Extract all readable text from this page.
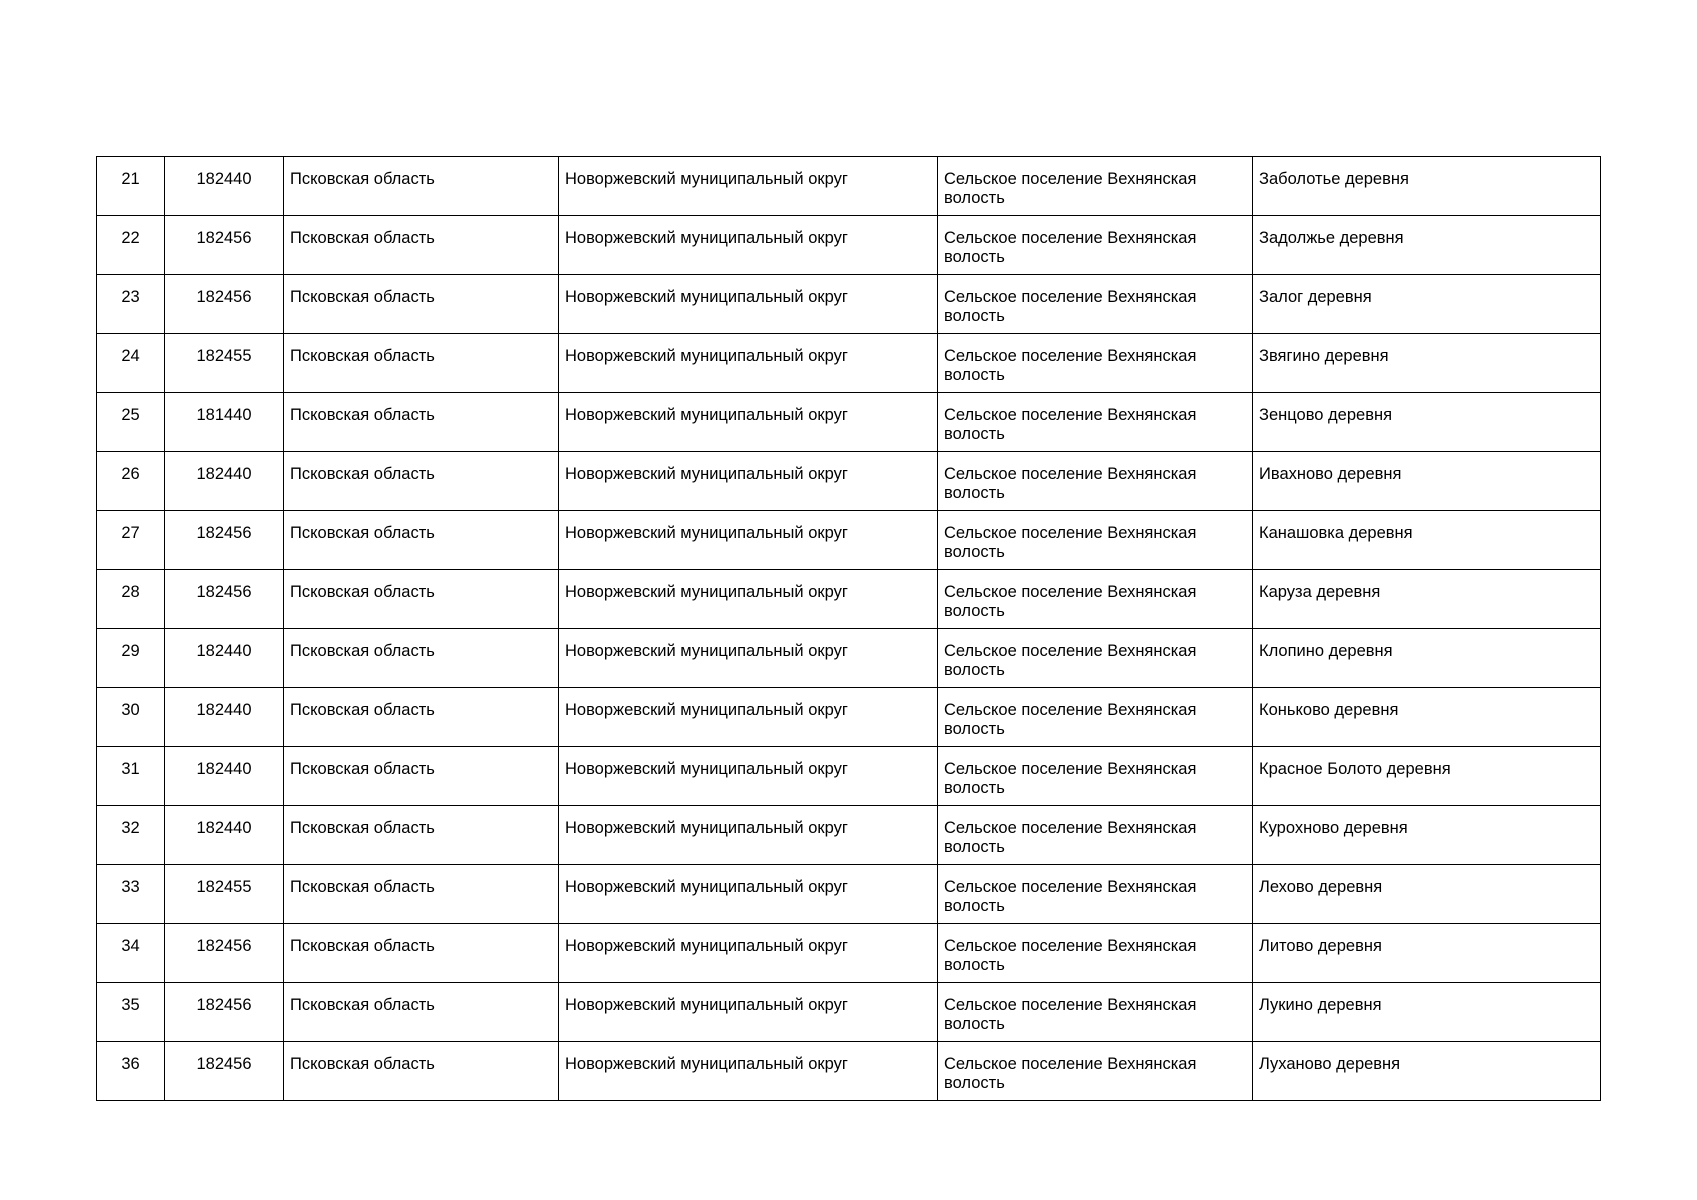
21	182440	Псковская область	Новоржевский муниципальный округ	Сельское поселение Вехнянская волость	Заболотье деревня
22	182456	Псковская область	Новоржевский муниципальный округ	Сельское поселение Вехнянская волость	Задолжье деревня
23	182456	Псковская область	Новоржевский муниципальный округ	Сельское поселение Вехнянская волость	Залог деревня
24	182455	Псковская область	Новоржевский муниципальный округ	Сельское поселение Вехнянская волость	Звягино деревня
25	181440	Псковская область	Новоржевский муниципальный округ	Сельское поселение Вехнянская волость	Зенцово деревня
26	182440	Псковская область	Новоржевский муниципальный округ	Сельское поселение Вехнянская волость	Ивахново деревня
27	182456	Псковская область	Новоржевский муниципальный округ	Сельское поселение Вехнянская волость	Канашовка деревня
28	182456	Псковская область	Новоржевский муниципальный округ	Сельское поселение Вехнянская волость	Каруза деревня
29	182440	Псковская область	Новоржевский муниципальный округ	Сельское поселение Вехнянская волость	Клопино деревня
30	182440	Псковская область	Новоржевский муниципальный округ	Сельское поселение Вехнянская волость	Коньково деревня
31	182440	Псковская область	Новоржевский муниципальный округ	Сельское поселение Вехнянская волость	Красное Болото деревня
32	182440	Псковская область	Новоржевский муниципальный округ	Сельское поселение Вехнянская волость	Курохново деревня
33	182455	Псковская область	Новоржевский муниципальный округ	Сельское поселение Вехнянская волость	Лехово деревня
34	182456	Псковская область	Новоржевский муниципальный округ	Сельское поселение Вехнянская волость	Литово деревня
35	182456	Псковская область	Новоржевский муниципальный округ	Сельское поселение Вехнянская волость	Лукино деревня
36	182456	Псковская область	Новоржевский муниципальный округ	Сельское поселение Вехнянская волость	Луханово деревня
